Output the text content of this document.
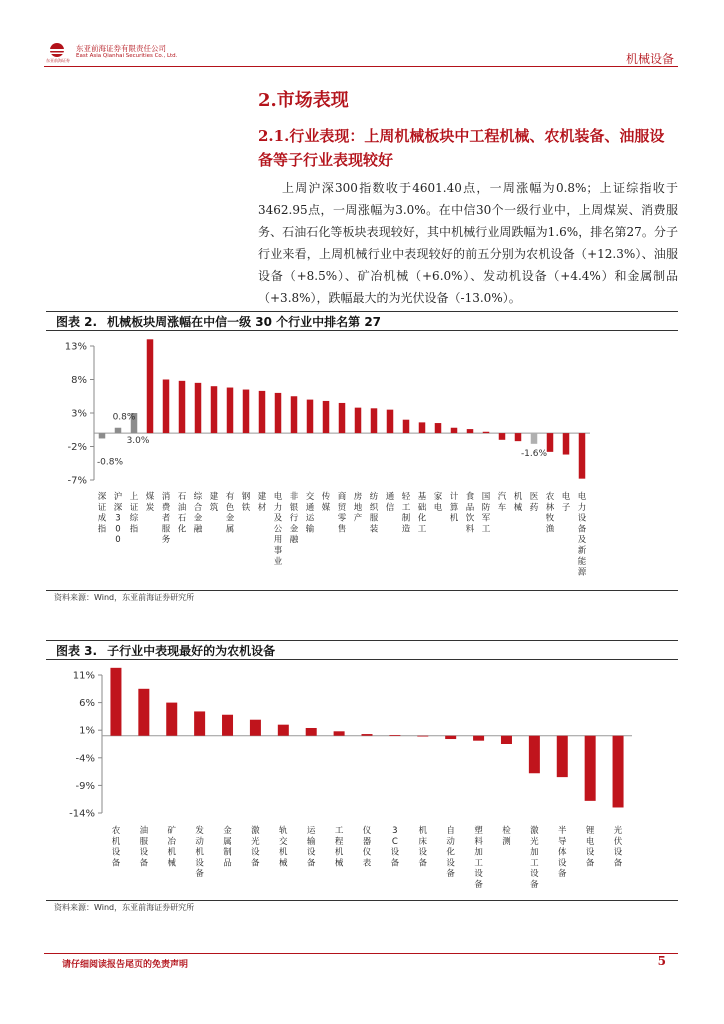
东亚前海证券有限责任公司
East Asia Qianhai Securities Co., Ltd.
东亚前海证券	机械设备
2.市场表现

2.1.行业表现：上周机械板块中工程机械、农机装备、油服设备等子行业表现较好

上周沪深300指数收于4601.40点，一周涨幅为0.8%；上证综指收于3462.95点，一周涨幅为3.0%。在中信30个一级行业中，上周煤炭、消费服务、石油石化等板块表现较好，其中机械行业周跌幅为1.6%，排名第27。分子行业来看，上周机械行业中表现较好的前五分别为农机设备（+12.3%）、油服设备（+8.5%）、矿冶机械（+6.0%）、发动机设备（+4.4%）和金属制品（+3.8%），跌幅最大的为光伏设备（-13.0%）。

图表 2. 机械板块周涨幅在中信一级 30 个行业中排名第 27
13%
8%
3%
-2%
-7%
深证成指
沪深 3 0 0
上证综指
煤炭
消费者服务
石油石化
综合金融
建筑
有色金属
钢铁
建材
电力及公用事业
非银行金融
交通运输
传媒
商贸零售
房地产
纺织服装
通信
轻工制造
基础化工
家电
计算机
食品饮料
国防军工
汽车
机械
医药
农林牧渔
电子
电力设备及新能源
-0.8%
0.8%
3.0%
-1.6%
资料来源：Wind，东亚前海证券研究所
图表 3. 子行业中表现最好的为农机设备
11%
6%
1%
-4%
-9%
-14%
农机设备
油服设备
矿冶机械
发动机设备
金属制品
激光设备
轨交机械
运输设备
工程机械
仪器仪表
3 C 设备
机床设备
自动化设备
塑料加工设备
检测
激光加工设备
半导体设备
锂电设备
光伏设备
资料来源：Wind，东亚前海证券研究所
请仔细阅读报告尾页的免责声明	5
